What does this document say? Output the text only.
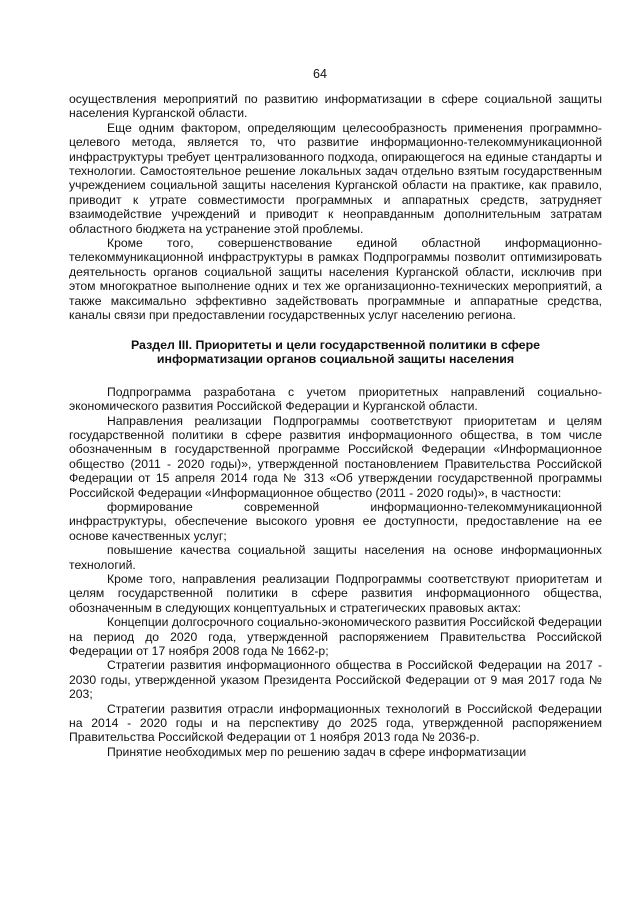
64

осуществления мероприятий по развитию информатизации в сфере социальной защиты населения Курганской области.

Еще одним фактором, определяющим целесообразность применения программно-целевого метода, является то, что развитие информационно-телекоммуникационной инфраструктуры требует централизованного подхода, опирающегося на единые стандарты и технологии. Самостоятельное решение локальных задач отдельно взятым государственным учреждением социальной защиты населения Курганской области на практике, как правило, приводит к утрате совместимости программных и аппаратных средств, затрудняет взаимодействие учреждений и приводит к неоправданным дополнительным затратам областного бюджета на устранение этой проблемы.

Кроме того, совершенствование единой областной информационно-телекоммуникационной инфраструктуры в рамках Подпрограммы позволит оптимизировать деятельность органов социальной защиты населения Курганской области, исключив при этом многократное выполнение одних и тех же организационно-технических мероприятий, а также максимально эффективно задействовать программные и аппаратные средства, каналы связи при предоставлении государственных услуг населению региона.

Раздел III. Приоритеты и цели государственной политики в сфере информатизации органов социальной защиты населения

Подпрограмма разработана с учетом приоритетных направлений социально-экономического развития Российской Федерации и Курганской области.

Направления реализации Подпрограммы соответствуют приоритетам и целям государственной политики в сфере развития информационного общества, в том числе обозначенным в государственной программе Российской Федерации «Информационное общество (2011 - 2020 годы)», утвержденной постановлением Правительства Российской Федерации от 15 апреля 2014 года № 313 «Об утверждении государственной программы Российской Федерации «Информационное общество (2011 - 2020 годы)», в частности:

формирование современной информационно-телекоммуникационной инфраструктуры, обеспечение высокого уровня ее доступности, предоставление на ее основе качественных услуг;

повышение качества социальной защиты населения на основе информационных технологий.

Кроме того, направления реализации Подпрограммы соответствуют приоритетам и целям государственной политики в сфере развития информационного общества, обозначенным в следующих концептуальных и стратегических правовых актах:

Концепции долгосрочного социально-экономического развития Российской Федерации на период до 2020 года, утвержденной распоряжением Правительства Российской Федерации от 17 ноября 2008 года № 1662-р;

Стратегии развития информационного общества в Российской Федерации на 2017 - 2030 годы, утвержденной указом Президента Российской Федерации от 9 мая 2017 года № 203;

Стратегии развития отрасли информационных технологий в Российской Федерации на 2014 - 2020 годы и на перспективу до 2025 года, утвержденной распоряжением Правительства Российской Федерации от 1 ноября 2013 года № 2036-р.

Принятие необходимых мер по решению задач в сфере информатизации
